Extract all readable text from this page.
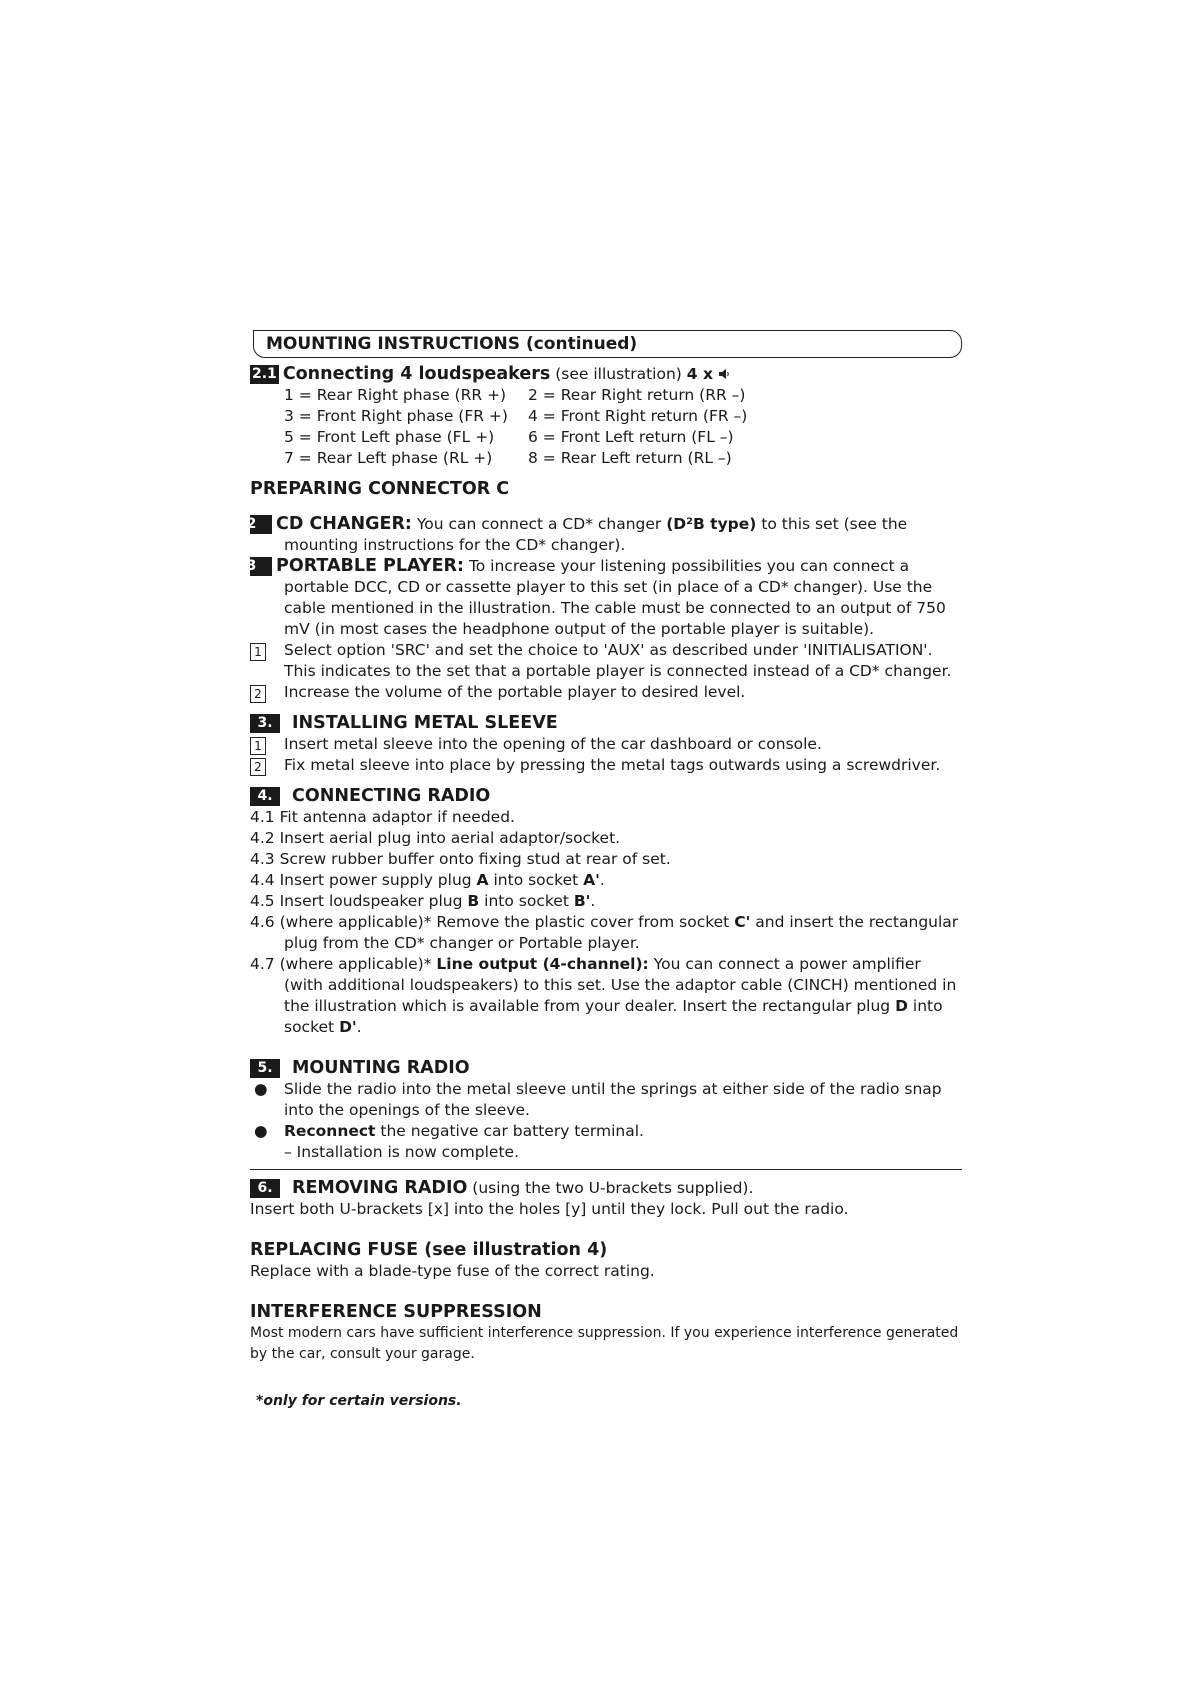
MOUNTING INSTRUCTIONS (continued)
2.1 Connecting 4 loudspeakers (see illustration) 4 x
1 = Rear Right phase (RR +)	2 = Rear Right return (RR –)
3 = Front Right phase (FR +)	4 = Front Right return (FR –)
5 = Front Left phase (FL +)	6 = Front Left return (FL –)
7 = Rear Left phase (RL +)	8 = Rear Left return (RL –)
PREPARING CONNECTOR C
2.2 CD CHANGER: You can connect a CD* changer (D²B type) to this set (see the mounting instructions for the CD* changer).
2.3 PORTABLE PLAYER: To increase your listening possibilities you can connect a portable DCC, CD or cassette player to this set (in place of a CD* changer). Use the cable mentioned in the illustration. The cable must be connected to an output of 750 mV (in most cases the headphone output of the portable player is suitable).
1 Select option 'SRC' and set the choice to 'AUX' as described under 'INITIALISATION'. This indicates to the set that a portable player is connected instead of a CD* changer.
2 Increase the volume of the portable player to desired level.
3. INSTALLING METAL SLEEVE
1 Insert metal sleeve into the opening of the car dashboard or console.
2 Fix metal sleeve into place by pressing the metal tags outwards using a screwdriver.
4. CONNECTING RADIO
4.1 Fit antenna adaptor if needed.
4.2 Insert aerial plug into aerial adaptor/socket.
4.3 Screw rubber buffer onto fixing stud at rear of set.
4.4 Insert power supply plug A into socket A'.
4.5 Insert loudspeaker plug B into socket B'.
4.6 (where applicable)* Remove the plastic cover from socket C' and insert the rectangular plug from the CD* changer or Portable player.
4.7 (where applicable)* Line output (4-channel): You can connect a power amplifier (with additional loudspeakers) to this set. Use the adaptor cable (CINCH) mentioned in the illustration which is available from your dealer. Insert the rectangular plug D into socket D'.
5. MOUNTING RADIO
● Slide the radio into the metal sleeve until the springs at either side of the radio snap into the openings of the sleeve.
● Reconnect the negative car battery terminal.
– Installation is now complete.
6. REMOVING RADIO (using the two U-brackets supplied).
Insert both U-brackets [x] into the holes [y] until they lock. Pull out the radio.
REPLACING FUSE (see illustration 4)
Replace with a blade-type fuse of the correct rating.
INTERFERENCE SUPPRESSION
Most modern cars have sufficient interference suppression. If you experience interference generated by the car, consult your garage.
*only for certain versions.
